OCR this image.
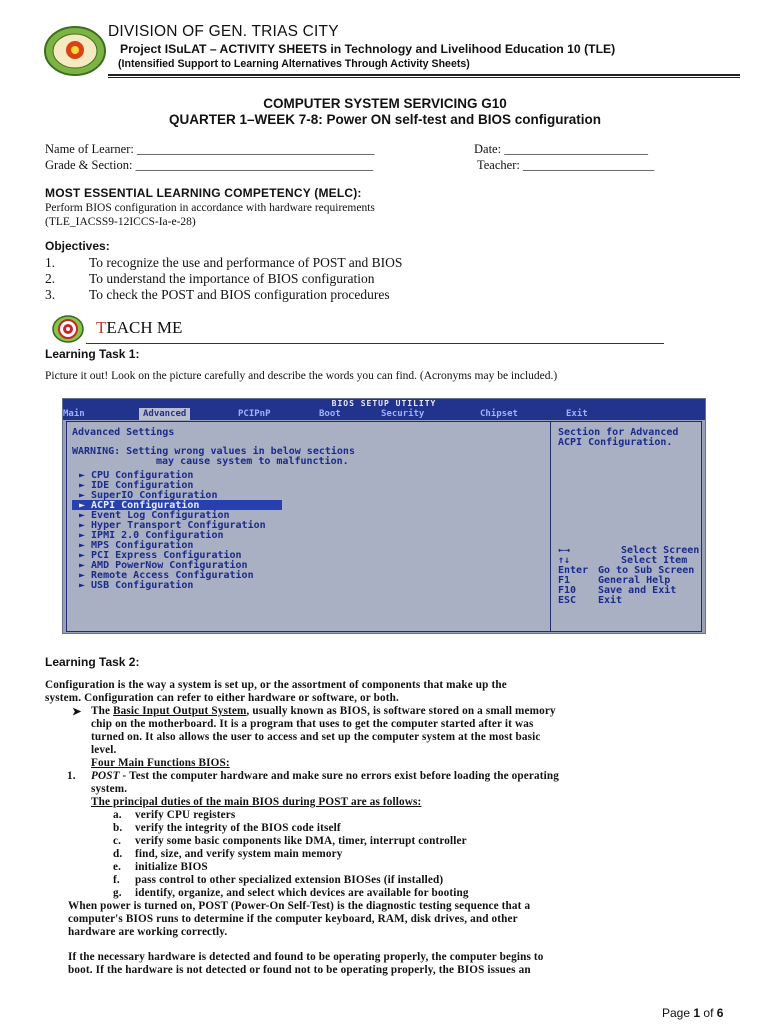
DIVISION OF GEN. TRIAS CITY
Project ISuLAT – ACTIVITY SHEETS in Technology and Livelihood Education 10 (TLE)
(Intensified Support to Learning Alternatives Through Activity Sheets)
COMPUTER SYSTEM SERVICING G10
QUARTER 1–WEEK 7-8: Power ON self-test and BIOS configuration
Name of Learner: ______________________________________	Date: _______________________
Grade & Section: ______________________________________	Teacher: _____________________
MOST ESSENTIAL LEARNING COMPETENCY (MELC):
Perform BIOS configuration in accordance with hardware requirements
(TLE_IACSS9-12ICCS-Ia-e-28)
Objectives:
1.	To recognize the use and performance of POST and BIOS
2.	To understand the importance of BIOS configuration
3.	To check the POST and BIOS configuration procedures
TEACH ME
Learning Task 1:
Picture it out! Look on the picture carefully and describe the words you can find. (Acronyms may be included.)
BIOS SETUP UTILITY
Main	Advanced	PCIPnP	Boot	Security	Chipset	Exit
Advanced Settings
WARNING: Setting wrong values in below sections
may cause system to malfunction.
► CPU Configuration
► IDE Configuration
► SuperIO Configuration
► ACPI Configuration
► Event Log Configuration
► Hyper Transport Configuration
► IPMI 2.0 Configuration
► MPS Configuration
► PCI Express Configuration
► AMD PowerNow Configuration
► Remote Access Configuration
► USB Configuration
Section for Advanced
ACPI Configuration.
←→	Select Screen
↑↓	Select Item
Enter Go to Sub Screen
F1	General Help
F10 Save and Exit
ESC Exit
Learning Task 2:
Configuration is the way a system is set up, or the assortment of components that make up the
system. Configuration can refer to either hardware or software, or both.
➤ The Basic Input Output System, usually known as BIOS, is software stored on a small memory
chip on the motherboard. It is a program that uses to get the computer started after it was
turned on. It also allows the user to access and set up the computer system at the most basic
level.
Four Main Functions BIOS:
1. POST - Test the computer hardware and make sure no errors exist before loading the operating
system.
The principal duties of the main BIOS during POST are as follows:
a. verify CPU registers
b. verify the integrity of the BIOS code itself
c. verify some basic components like DMA, timer, interrupt controller
d. find, size, and verify system main memory
e. initialize BIOS
f. pass control to other specialized extension BIOSes (if installed)
g. identify, organize, and select which devices are available for booting
When power is turned on, POST (Power-On Self-Test) is the diagnostic testing sequence that a
computer's BIOS runs to determine if the computer keyboard, RAM, disk drives, and other
hardware are working correctly.
If the necessary hardware is detected and found to be operating properly, the computer begins to
boot. If the hardware is not detected or found not to be operating properly, the BIOS issues an
Page 1 of 6
